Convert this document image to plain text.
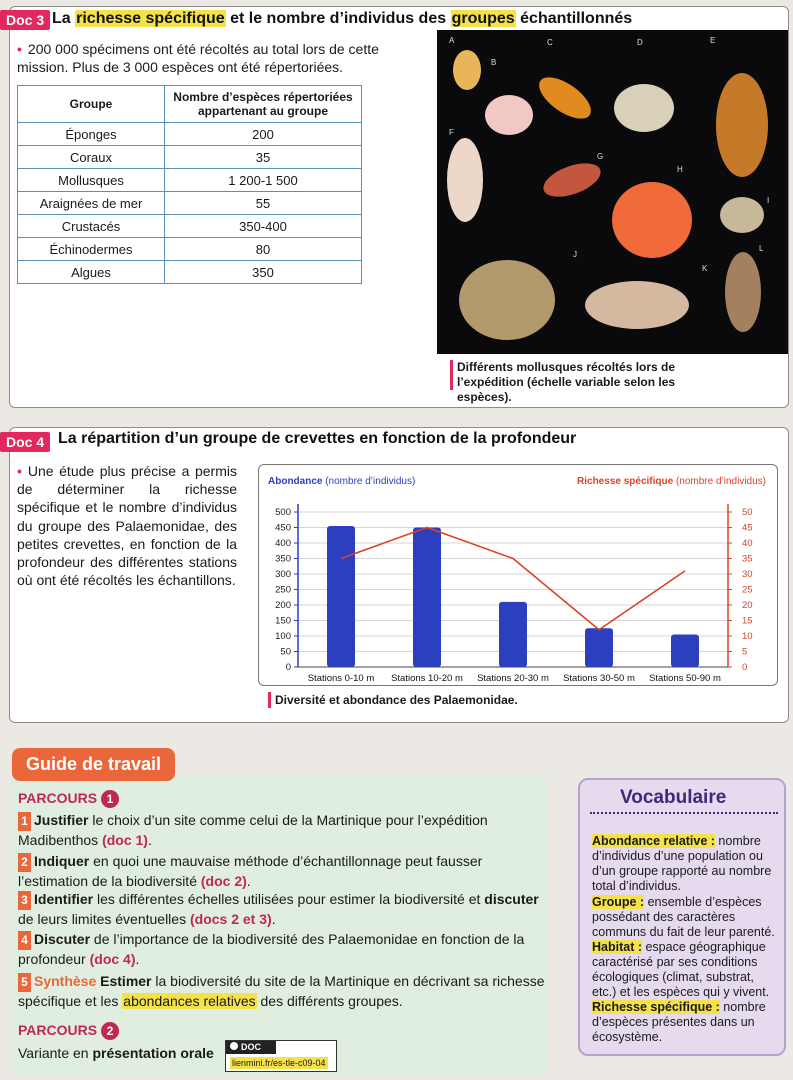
Doc 3 La richesse spécifique et le nombre d’individus des groupes échantillonnés

• 200 000 spécimens ont été récoltés au total lors de cette mission. Plus de 3 000 espèces ont été répertoriées.

Groupe	Nombre d’espèces répertoriées appartenant au groupe
Éponges	200
Coraux	35
Mollusques	1 200-1 500
Araignées de mer	55
Crustacés	350-400
Échinodermes	80
Algues	350
A
B
C	D	E
F
G
H
I
J
K
L

Différents mollusques récoltés lors de l’expédition (échelle variable selon les espèces).

Doc 4 La répartition d’un groupe de crevettes en fonction de la profondeur

• Une étude plus précise a permis de déterminer la richesse spécifique et le nombre d’individus du groupe des Palaemonidae, des petites crevettes, en fonction de la profondeur des différentes stations où ont été récoltés les échantillons.

Abondance (nombre d’individus)	Richesse spécifique (nombre d’individus)
0
50
100
150
200
250
300
350
400
450
500
0
5
10
15
20
25
30
35
40
45
50
Stations 0-10 m Stations 10-20 m Stations 20-30 m Stations 30-50 m Stations 50-90 m

Diversité et abondance des Palaemonidae.

Guide de travail
PARCOURS 1
1 Justifier le choix d’un site comme celui de la Martinique pour l’expédition Madibenthos (doc 1).
2 Indiquer en quoi une mauvaise méthode d’échantillonnage peut fausser l’estimation de la biodiversité (doc 2).
3 Identifier les différentes échelles utilisées pour estimer la biodiversité et discuter de leurs limites éventuelles (docs 2 et 3).
4 Discuter de l’importance de la biodiversité des Palaemonidae en fonction de la profondeur (doc 4).
5 Synthèse Estimer la biodiversité du site de la Martinique en décrivant sa richesse spécifique et les abondances relatives des différents groupes.
PARCOURS 2
Variante en présentation orale	DOC
lienmini.fr/es-tle-c09-04
Vocabulaire
Abondance relative : nombre d’individus d’une population ou d’un groupe rapporté au nombre total d’individus.
Groupe : ensemble d’espèces possédant des caractères communs du fait de leur parenté.
Habitat : espace géographique caractérisé par ses conditions écologiques (climat, substrat, etc.) et les espèces qui y vivent.
Richesse spécifique : nombre d’espèces présentes dans un écosystème.
